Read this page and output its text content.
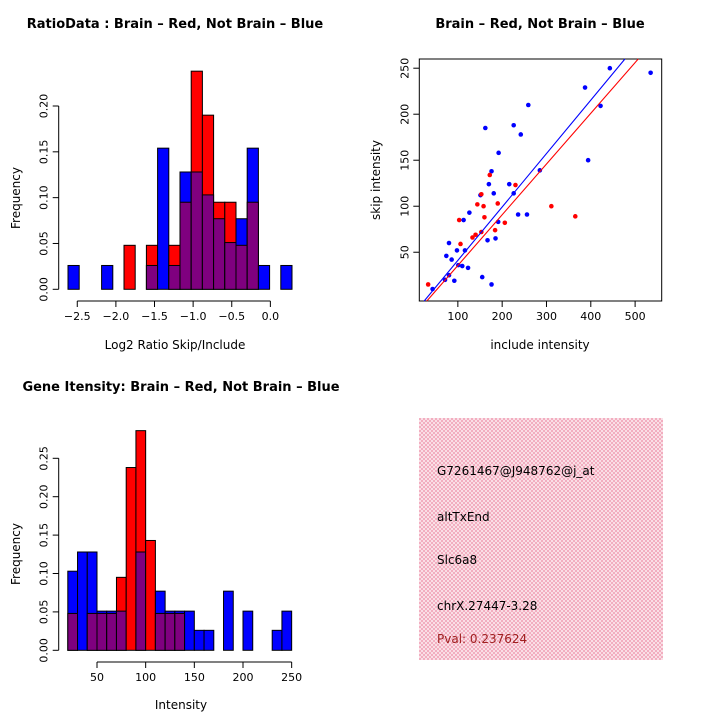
−2.5 −2.0 −1.5 −1.0 −0.5 0.0
0.00
0.05
0.10
0.15
0.20
RatioData : Brain – Red, Not Brain – Blue
Log2 Ratio Skip/Include
Frequency
100 200 300 400 500
50
100
150
200
250
Brain – Red, Not Brain – Blue
include intensity
skip intensity
50	100	150	200	250
0.00
0.05
0.10
0.15
0.20
0.25
Gene Itensity: Brain – Red, Not Brain – Blue
Intensity
Frequency
G7261467@J948762@j_at
altTxEnd
Slc6a8
chrX.27447-3.28
Pval: 0.237624
